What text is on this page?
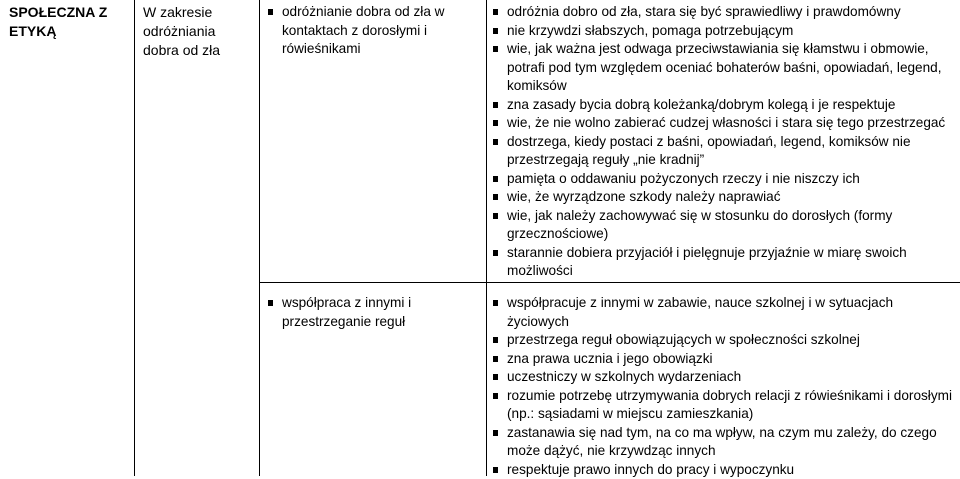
SPOŁECZNA Z ETYKĄ
W zakresie odróżniania dobra od zła
odróżnianie dobra od zła w kontaktach z dorosłymi i rówieśnikami
odróżnia dobro od zła, stara się być sprawiedliwy i prawdomówny
nie krzywdzi słabszych, pomaga potrzebującym
wie, jak ważna jest odwaga przeciwstawiania się kłamstwu i obmowie, potrafi pod tym względem oceniać bohaterów baśni, opowiadań, legend, komiksów
zna zasady bycia dobrą koleżanką/dobrym kolegą i je respektuje
wie, że nie wolno zabierać cudzej własności i stara się tego przestrzegać
dostrzega, kiedy postaci z baśni, opowiadań, legend, komiksów nie przestrzegają reguły „nie kradnij”
pamięta o oddawaniu pożyczonych rzeczy i nie niszczy ich
wie, że wyrządzone szkody należy naprawiać
wie, jak należy zachowywać się w stosunku do dorosłych (formy grzecznościowe)
starannie dobiera przyjaciół i pielęgnuje przyjaźnie w miarę swoich możliwości
współpraca z innymi i przestrzeganie reguł
współpracuje z innymi w zabawie, nauce szkolnej i w sytuacjach życiowych
przestrzega reguł obowiązujących w społeczności szkolnej
zna prawa ucznia i jego obowiązki
uczestniczy w szkolnych wydarzeniach
rozumie potrzebę utrzymywania dobrych relacji z rówieśnikami i dorosłymi (np.: sąsiadami w miejscu zamieszkania)
zastanawia się nad tym, na co ma wpływ, na czym mu zależy, do czego może dążyć, nie krzywdząc innych
respektuje prawo innych do pracy i wypoczynku
